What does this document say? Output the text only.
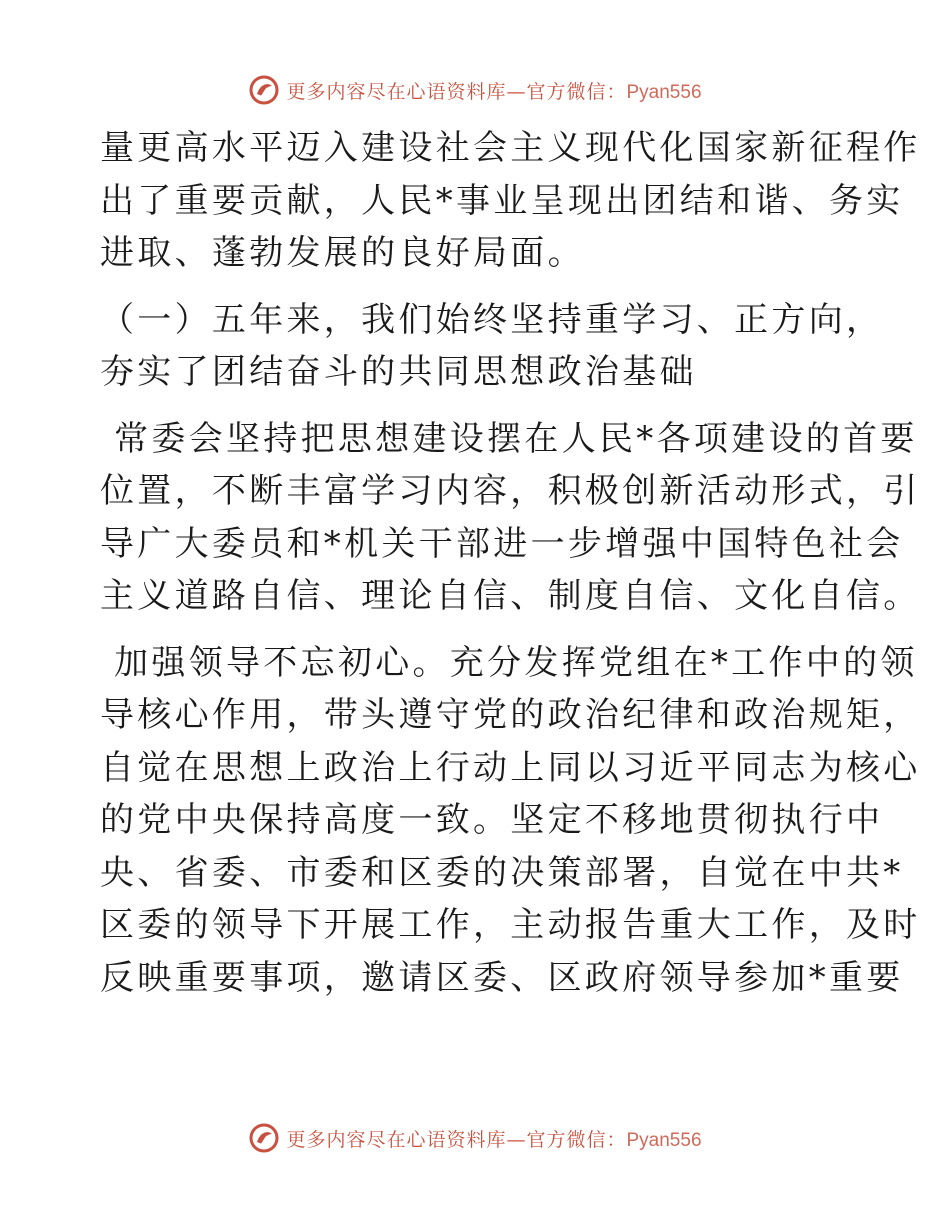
更多内容尽在心语资料库—官方微信：Pyan556
量更高水平迈入建设社会主义现代化国家新征程作
出了重要贡献，人民*事业呈现出团结和谐、务实
进取、蓬勃发展的良好局面。
（一）五年来，我们始终坚持重学习、正方向，
夯实了团结奋斗的共同思想政治基础
常委会坚持把思想建设摆在人民*各项建设的首要
位置，不断丰富学习内容，积极创新活动形式，引
导广大委员和*机关干部进一步增强中国特色社会
主义道路自信、理论自信、制度自信、文化自信。
加强领导不忘初心。充分发挥党组在*工作中的领
导核心作用，带头遵守党的政治纪律和政治规矩，
自觉在思想上政治上行动上同以习近平同志为核心
的党中央保持高度一致。坚定不移地贯彻执行中
央、省委、市委和区委的决策部署，自觉在中共*
区委的领导下开展工作，主动报告重大工作，及时
反映重要事项，邀请区委、区政府领导参加*重要
更多内容尽在心语资料库—官方微信：Pyan556
